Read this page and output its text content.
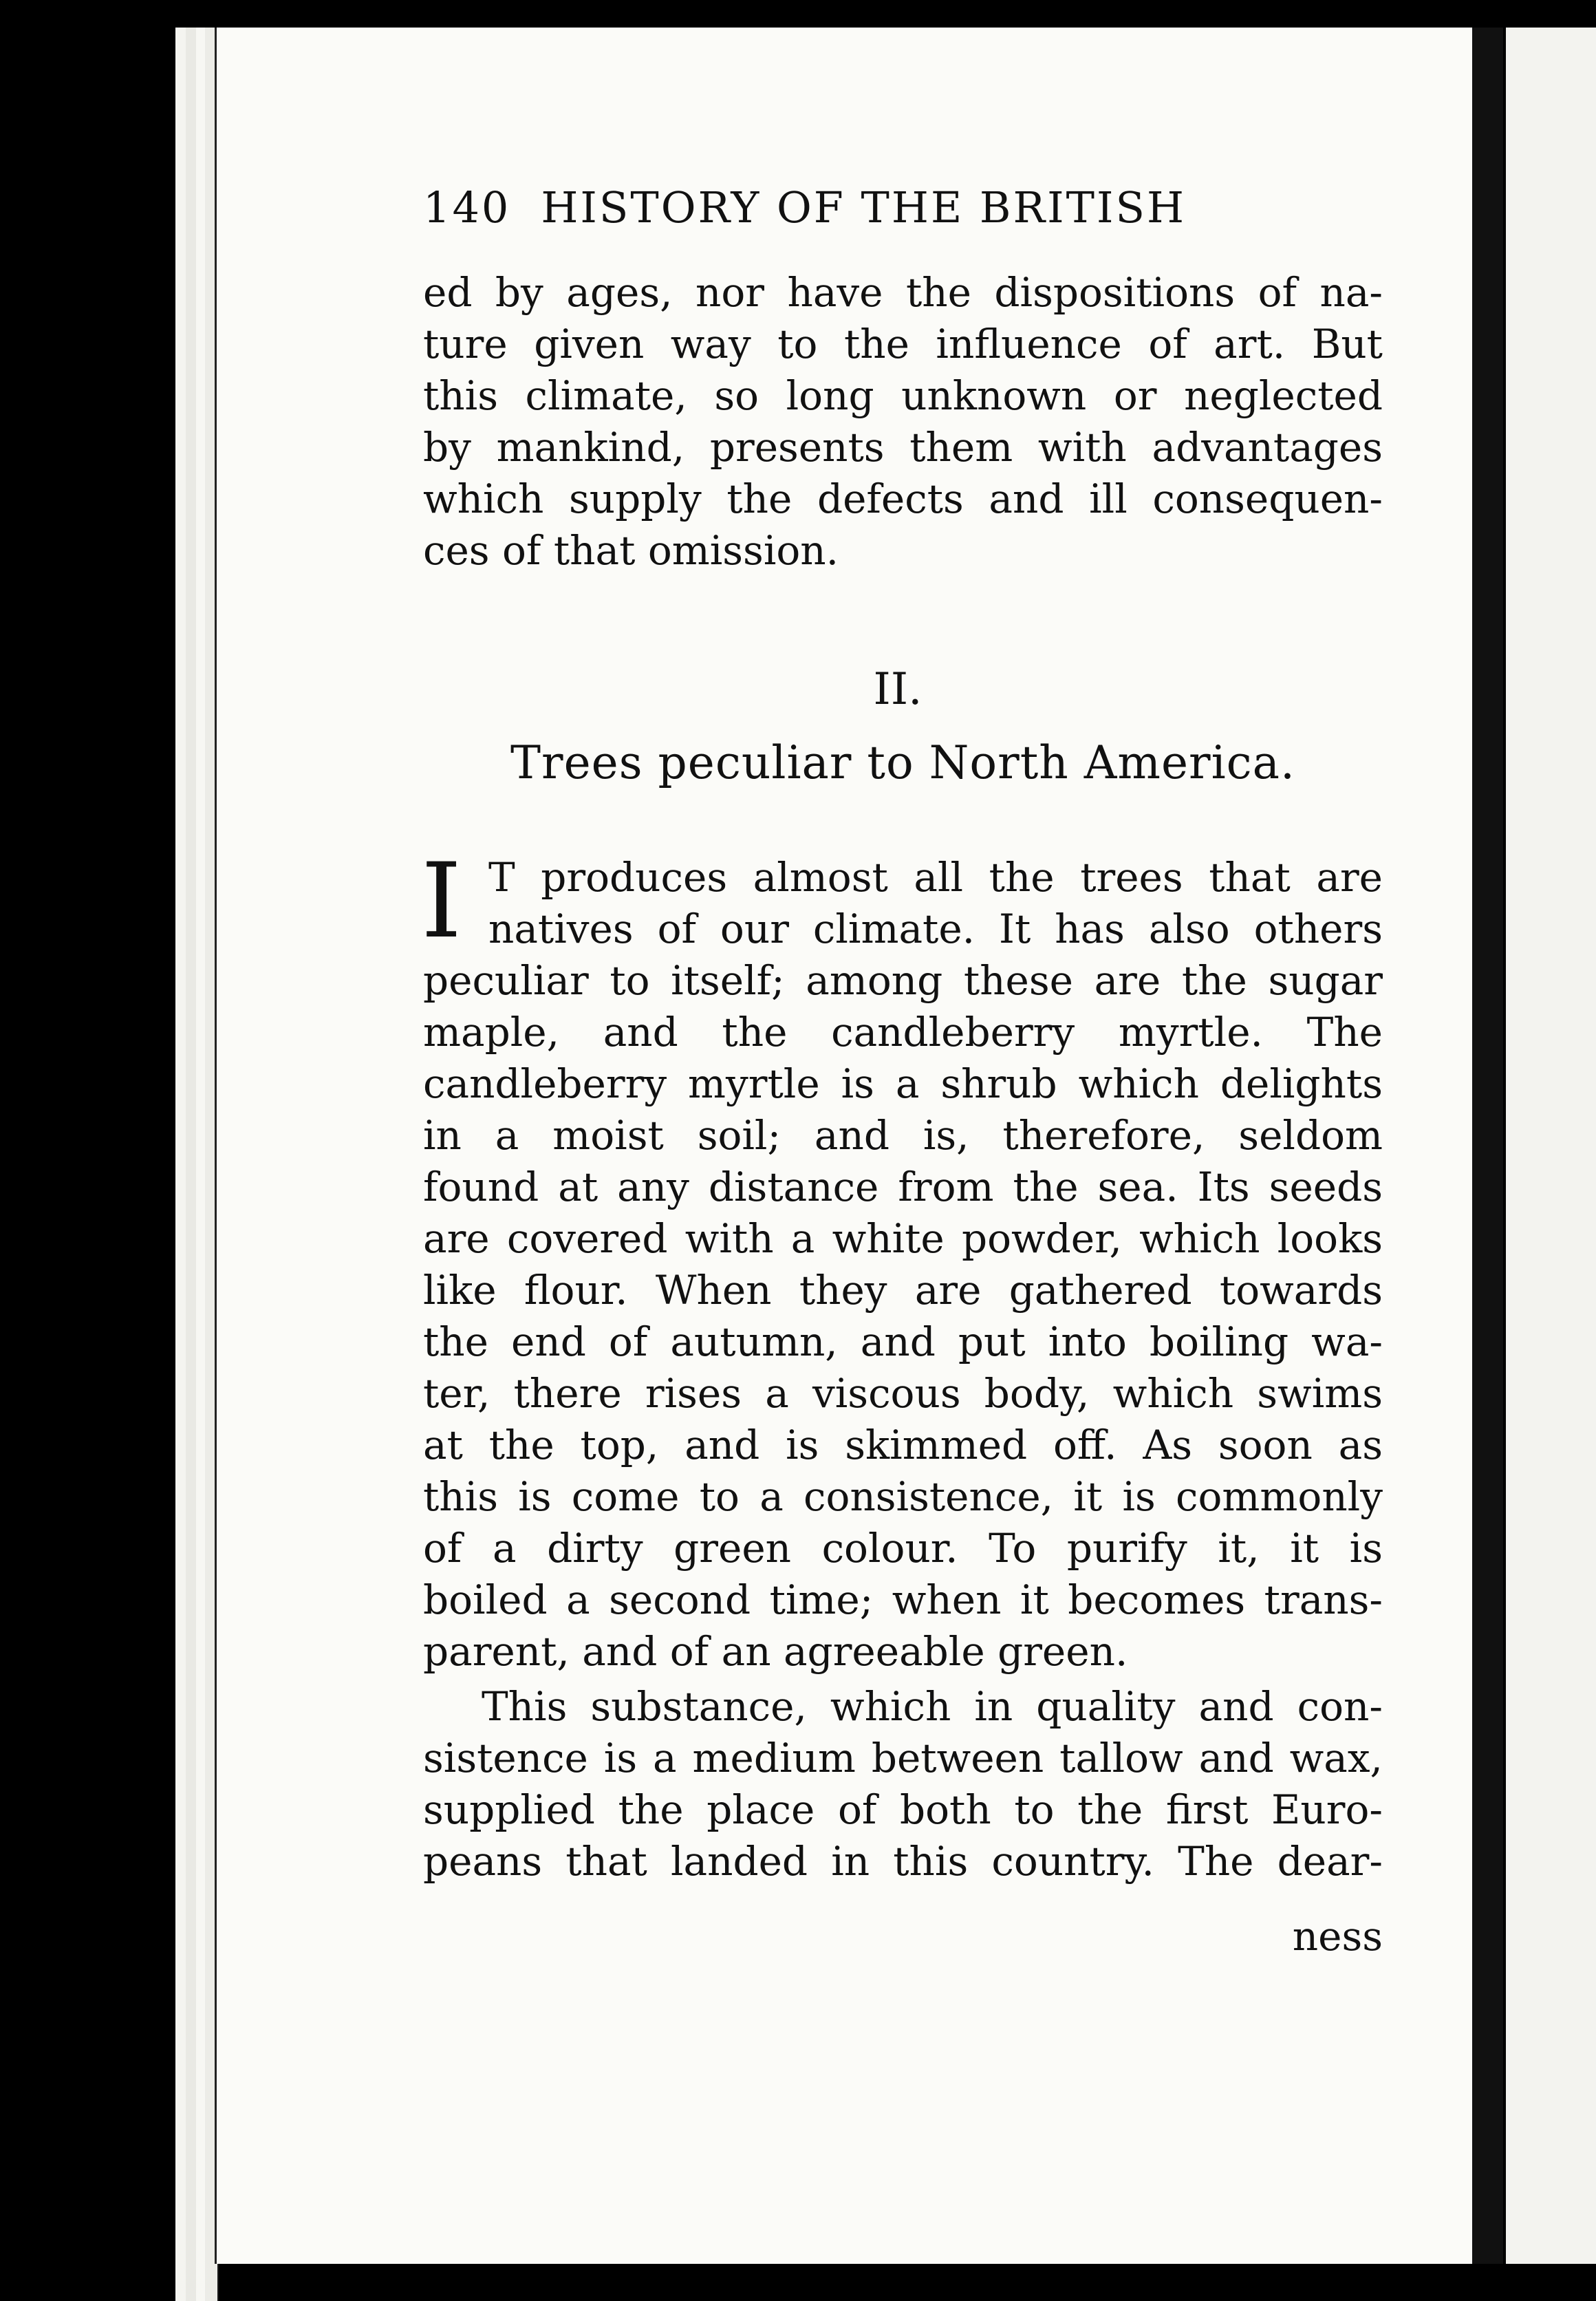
140 HISTORY OF THE BRITISH
ed by ages, nor have the dispositions of na-
ture given way to the influence of art. But
this climate, so long unknown or neglected
by mankind, presents them with advantages
which supply the defects and ill consequen-
ces of that omission.
II.
Trees peculiar to North America.
I T produces almost all the trees that are
natives of our climate. It has also others
peculiar to itself; among these are the sugar
maple, and the candleberry myrtle. The
candleberry myrtle is a shrub which delights
in a moist soil; and is, therefore, seldom
found at any distance from the sea. Its seeds
are covered with a white powder, which looks
like flour. When they are gathered towards
the end of autumn, and put into boiling wa-
ter, there rises a viscous body, which swims
at the top, and is skimmed off. As soon as
this is come to a consistence, it is commonly
of a dirty green colour. To purify it, it is
boiled a second time; when it becomes trans-
parent, and of an agreeable green.
This substance, which in quality and con-
sistence is a medium between tallow and wax,
supplied the place of both to the first Euro-
peans that landed in this country. The dear-
ness
